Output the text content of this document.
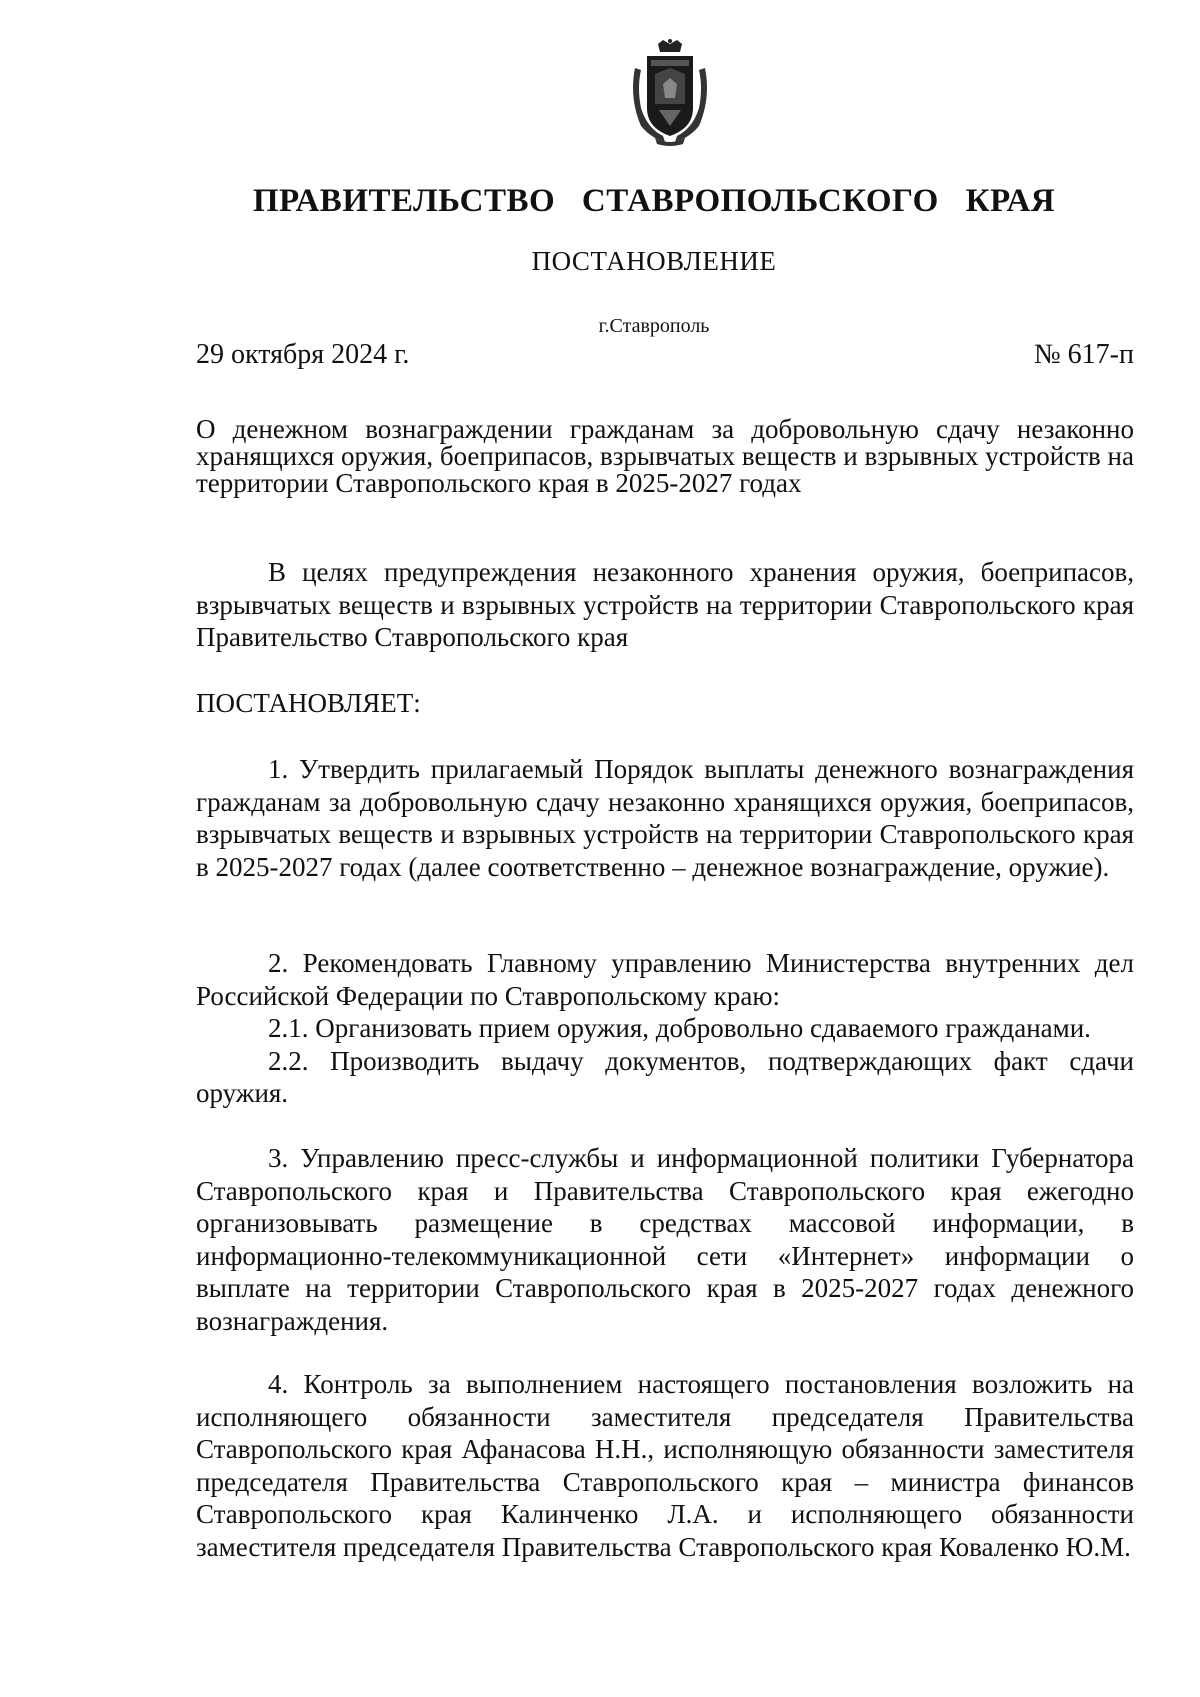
ПРАВИТЕЛЬСТВО СТАВРОПОЛЬСКОГО КРАЯ
ПОСТАНОВЛЕНИЕ
г.Ставрополь
29 октября 2024 г.	№ 617-п
О денежном вознаграждении гражданам за добровольную сдачу незаконно хранящихся оружия, боеприпасов, взрывчатых веществ и взрывных устройств на территории Ставропольского края в 2025-2027 годах

В целях предупреждения незаконного хранения оружия, боеприпасов, взрывчатых веществ и взрывных устройств на территории Ставропольского края Правительство Ставропольского края

ПОСТАНОВЛЯЕТ:

1. Утвердить прилагаемый Порядок выплаты денежного вознаграждения гражданам за добровольную сдачу незаконно хранящихся оружия, боеприпасов, взрывчатых веществ и взрывных устройств на территории Ставропольского края в 2025-2027 годах (далее соответственно – денежное вознаграждение, оружие).

2. Рекомендовать Главному управлению Министерства внутренних дел Российской Федерации по Ставропольскому краю:

2.1. Организовать прием оружия, добровольно сдаваемого гражданами.

2.2. Производить выдачу документов, подтверждающих факт сдачи оружия.

3. Управлению пресс-службы и информационной политики Губернатора Ставропольского края и Правительства Ставропольского края ежегодно организовывать размещение в средствах массовой информации, в информационно-телекоммуникационной сети «Интернет» информации о выплате на территории Ставропольского края в 2025-2027 годах денежного вознаграждения.

4. Контроль за выполнением настоящего постановления возложить на исполняющего обязанности заместителя председателя Правительства Ставропольского края Афанасова Н.Н., исполняющую обязанности заместителя председателя Правительства Ставропольского края – министра финансов Ставропольского края Калинченко Л.А. и исполняющего обязанности заместителя председателя Правительства Ставропольского края Коваленко Ю.М.
